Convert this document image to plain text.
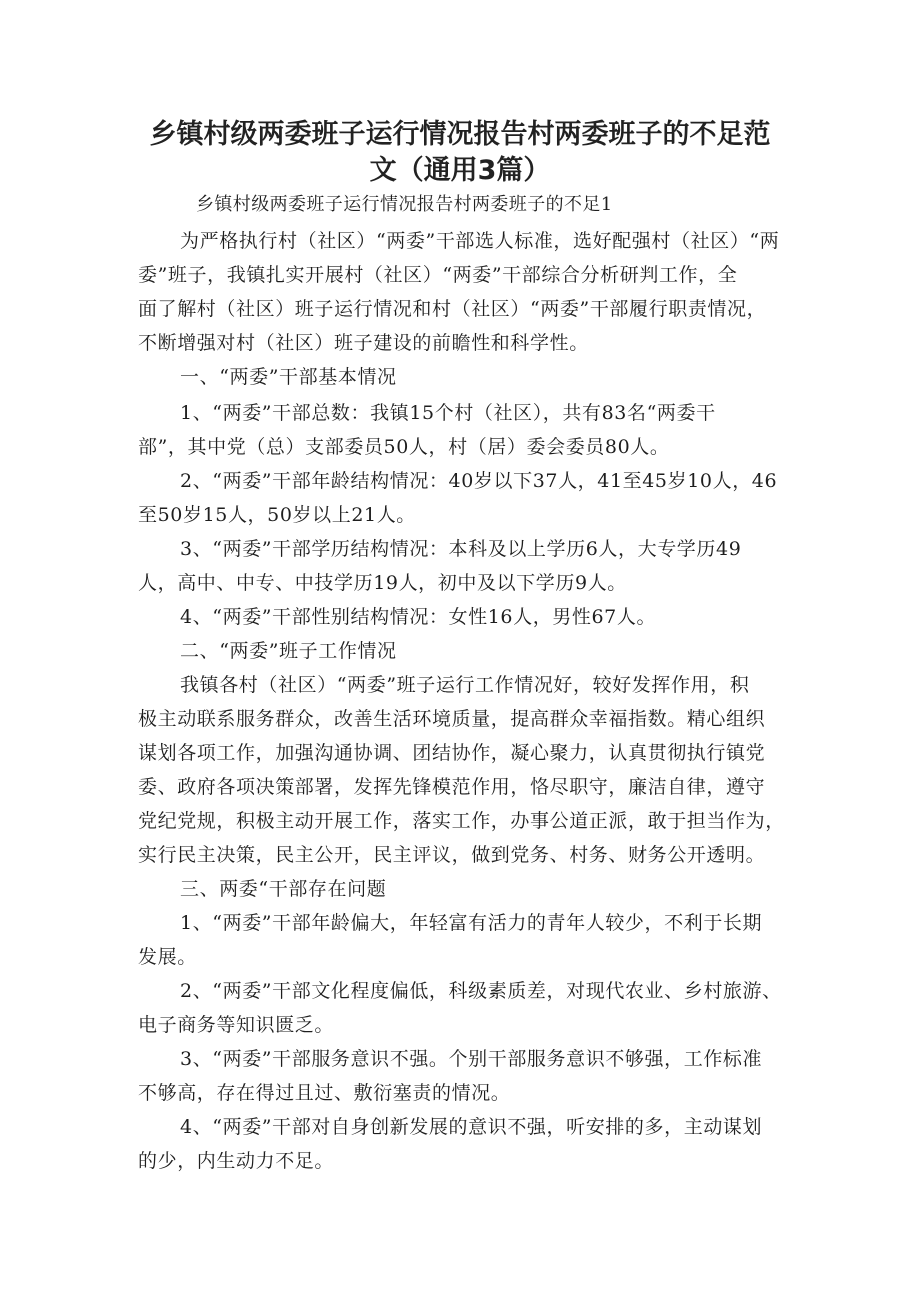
乡镇村级两委班子运行情况报告村两委班子的不足范
文（通用3篇）
乡镇村级两委班子运行情况报告村两委班子的不足1
为严格执行村（社区）“两委”干部选人标准，选好配强村（社区）“两
委”班子，我镇扎实开展村（社区）“两委”干部综合分析研判工作，全
面了解村（社区）班子运行情况和村（社区）“两委”干部履行职责情况，
不断增强对村（社区）班子建设的前瞻性和科学性。
一、“两委”干部基本情况
1、“两委”干部总数：我镇15个村（社区），共有83名“两委干
部”，其中党（总）支部委员50人，村（居）委会委员80人。
2、“两委”干部年龄结构情况：40岁以下37人，41至45岁10人，46
至50岁15人，50岁以上21人。
3、“两委”干部学历结构情况：本科及以上学历6人，大专学历49
人，高中、中专、中技学历19人，初中及以下学历9人。
4、“两委”干部性别结构情况：女性16人，男性67人。
二、“两委”班子工作情况
我镇各村（社区）“两委”班子运行工作情况好，较好发挥作用，积
极主动联系服务群众，改善生活环境质量，提高群众幸福指数。精心组织
谋划各项工作，加强沟通协调、团结协作，凝心聚力，认真贯彻执行镇党
委、政府各项决策部署，发挥先锋模范作用，恪尽职守，廉洁自律，遵守
党纪党规，积极主动开展工作，落实工作，办事公道正派，敢于担当作为，
实行民主决策，民主公开，民主评议，做到党务、村务、财务公开透明。
三、两委“干部存在问题
1、“两委”干部年龄偏大，年轻富有活力的青年人较少，不利于长期
发展。
2、“两委”干部文化程度偏低，科级素质差，对现代农业、乡村旅游、
电子商务等知识匮乏。
3、“两委”干部服务意识不强。个别干部服务意识不够强，工作标准
不够高，存在得过且过、敷衍塞责的情况。
4、“两委”干部对自身创新发展的意识不强，听安排的多，主动谋划
的少，内生动力不足。
